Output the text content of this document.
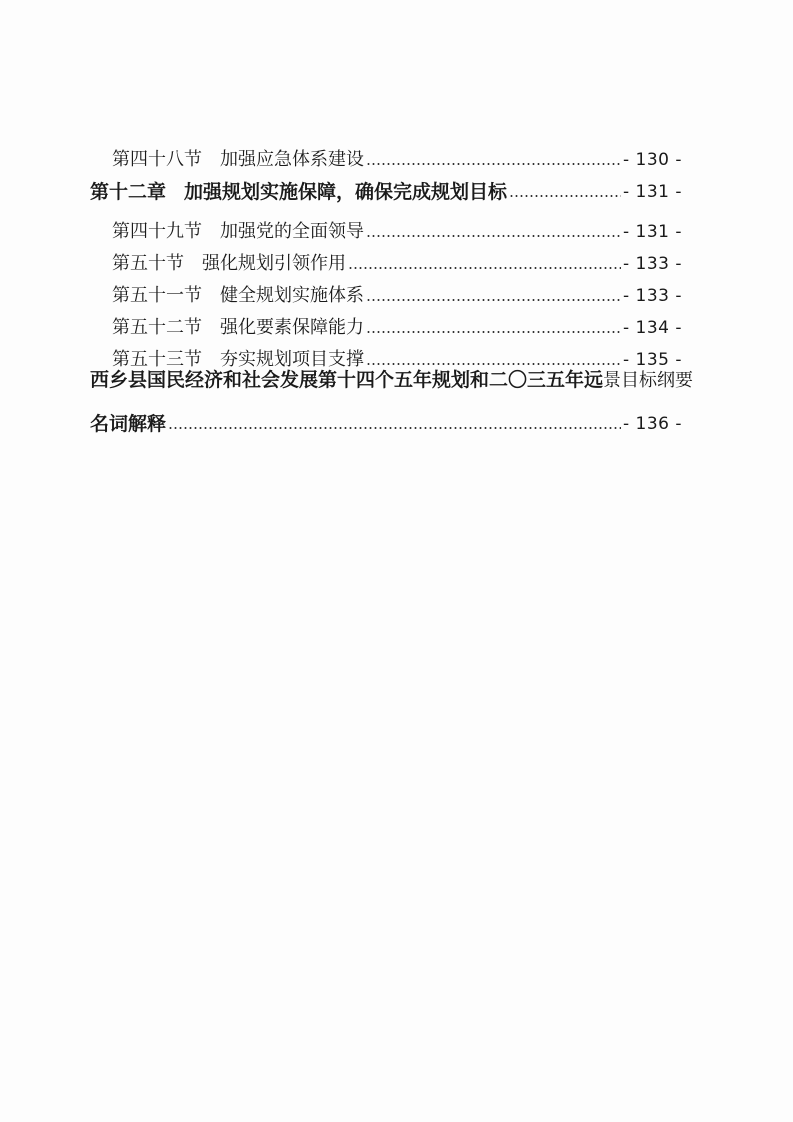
第四十八节 加强应急体系建设	- 130 -
第十二章 加强规划实施保障，确保完成规划目标	- 131 -
第四十九节 加强党的全面领导	- 131 -
第五十节 强化规划引领作用	- 133 -
第五十一节 健全规划实施体系	- 133 -
第五十二节 强化要素保障能力	- 134 -
第五十三节 夯实规划项目支撑	- 135 -
西乡县国民经济和社会发展第十四个五年规划和二〇三五年远景目标纲要
名词解释	- 136 -
